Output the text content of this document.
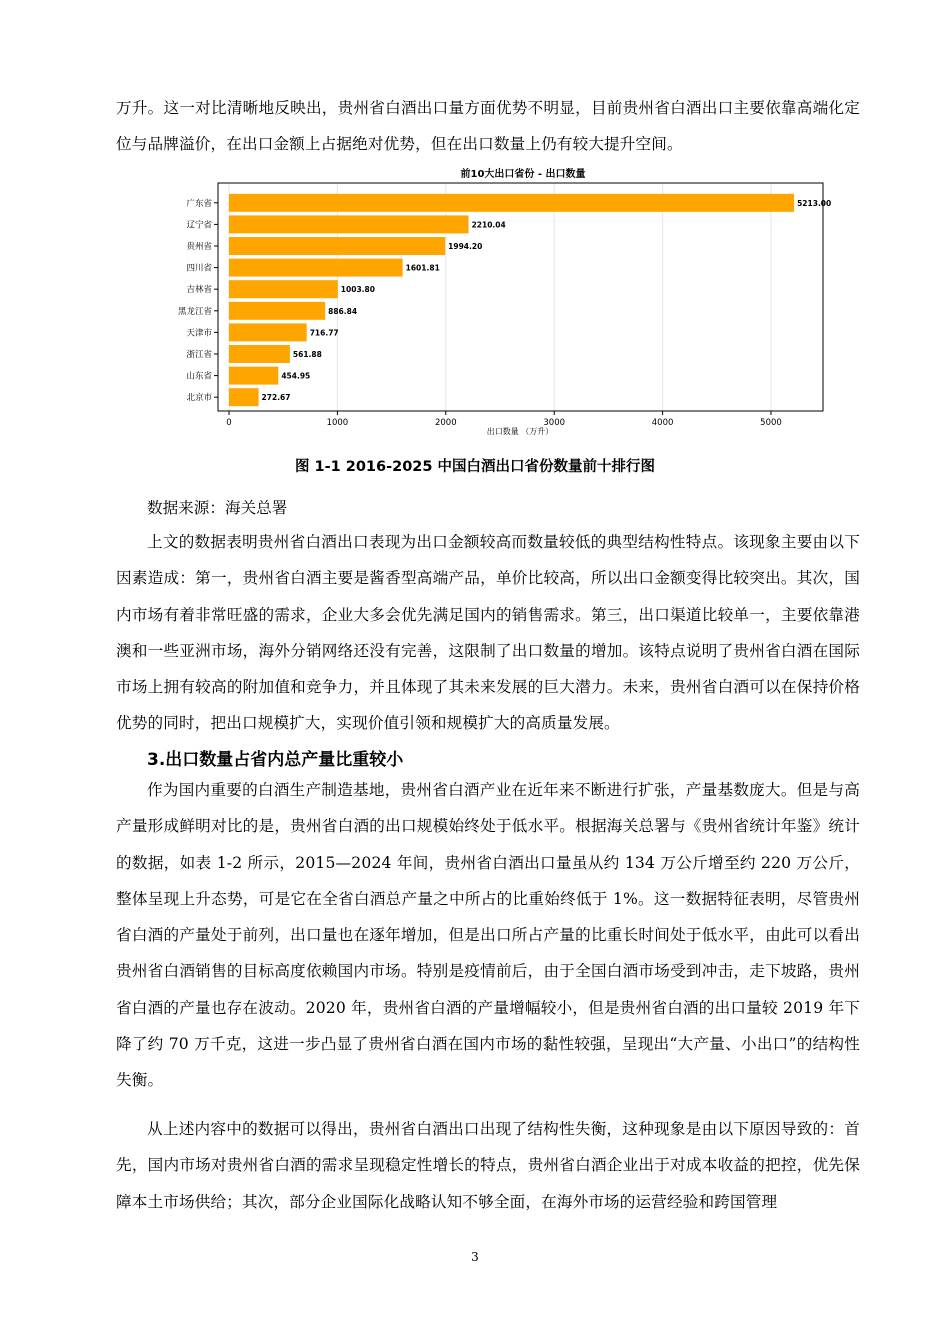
万升。这一对比清晰地反映出，贵州省白酒出口量方面优势不明显，目前贵州省白酒出口主要依靠高端化定位与品牌溢价，在出口金额上占据绝对优势，但在出口数量上仍有较大提升空间。

前10大出口省份 - 出口数量
5213.00
2210.04
1994.20
1601.81
1003.80
886.84
716.77
561.88
454.95
272.67
0	1000	2000	3000	4000	5000
广东省
辽宁省
贵州省
四川省
吉林省
黑龙江省
天津市
浙江省
山东省
北京市
出口数量 （万升）

图 1-1 2016-2025 中国白酒出口省份数量前十排行图

数据来源：海关总署

上文的数据表明贵州省白酒出口表现为出口金额较高而数量较低的典型结构性特点。该现象主要由以下因素造成：第一，贵州省白酒主要是酱香型高端产品，单价比较高，所以出口金额变得比较突出。其次，国内市场有着非常旺盛的需求，企业大多会优先满足国内的销售需求。第三，出口渠道比较单一，主要依靠港澳和一些亚洲市场，海外分销网络还没有完善，这限制了出口数量的增加。该特点说明了贵州省白酒在国际市场上拥有较高的附加值和竞争力，并且体现了其未来发展的巨大潜力。未来，贵州省白酒可以在保持价格优势的同时，把出口规模扩大，实现价值引领和规模扩大的高质量发展。

3.出口数量占省内总产量比重较小

作为国内重要的白酒生产制造基地，贵州省白酒产业在近年来不断进行扩张，产量基数庞大。但是与高产量形成鲜明对比的是，贵州省白酒的出口规模始终处于低水平。根据海关总署与《贵州省统计年鉴》统计的数据，如表 1-2 所示，2015—2024 年间，贵州省白酒出口量虽从约 134 万公斤增至约 220 万公斤，整体呈现上升态势，可是它在全省白酒总产量之中所占的比重始终低于 1%。这一数据特征表明，尽管贵州省白酒的产量处于前列，出口量也在逐年增加，但是出口所占产量的比重长时间处于低水平，由此可以看出贵州省白酒销售的目标高度依赖国内市场。特别是疫情前后，由于全国白酒市场受到冲击，走下坡路，贵州省白酒的产量也存在波动。2020 年，贵州省白酒的产量增幅较小，但是贵州省白酒的出口量较 2019 年下降了约 70 万千克，这进一步凸显了贵州省白酒在国内市场的黏性较强，呈现出“大产量、小出口”的结构性失衡。

从上述内容中的数据可以得出，贵州省白酒出口出现了结构性失衡，这种现象是由以下原因导致的：首先，国内市场对贵州省白酒的需求呈现稳定性增长的特点，贵州省白酒企业出于对成本收益的把控，优先保障本土市场供给；其次，部分企业国际化战略认知不够全面，在海外市场的运营经验和跨国管理

3
